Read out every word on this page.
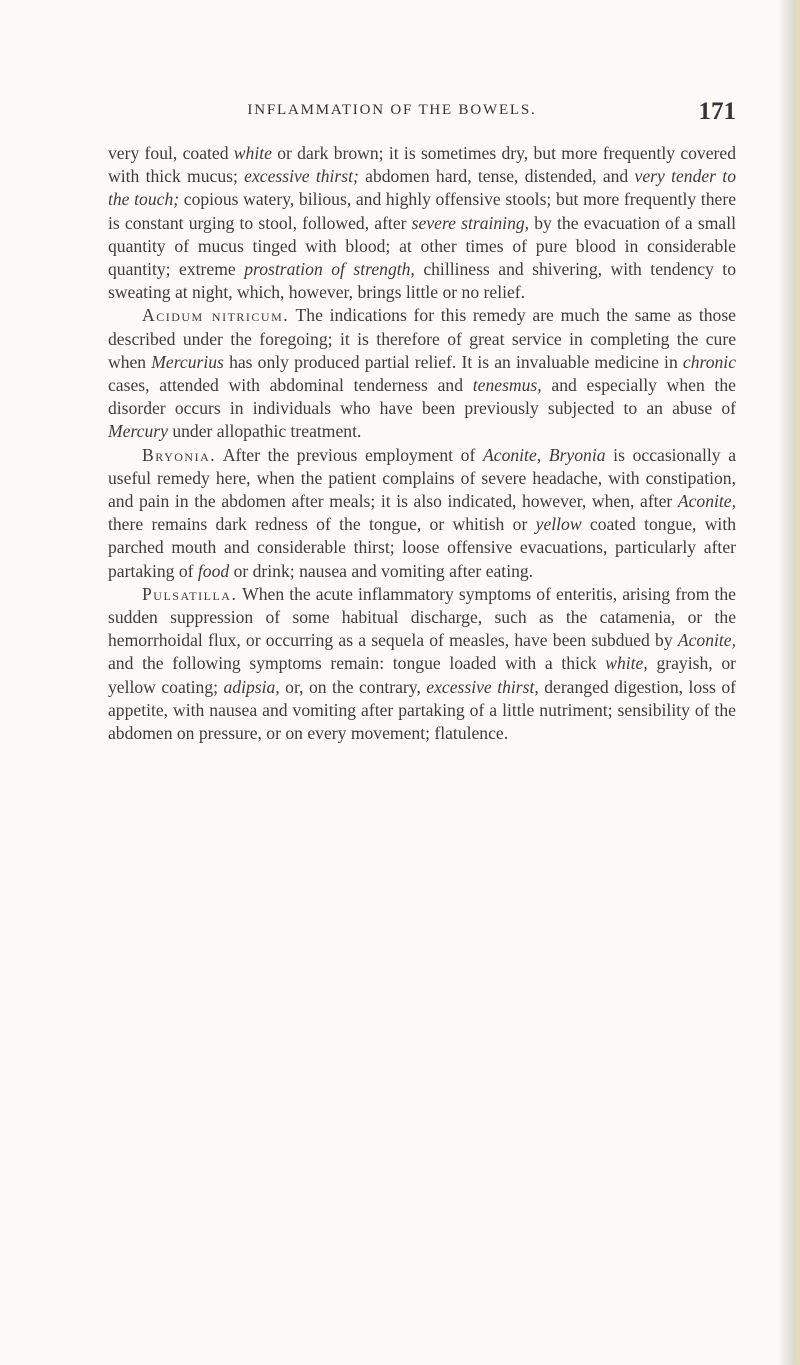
INFLAMMATION OF THE BOWELS.	171

very foul, coated white or dark brown; it is sometimes dry, but more frequently covered with thick mucus; excessive thirst; abdomen hard, tense, distended, and very tender to the touch; copious watery, bilious, and highly offensive stools; but more frequently there is constant urging to stool, followed, after severe straining, by the evacuation of a small quantity of mucus tinged with blood; at other times of pure blood in considerable quantity; extreme prostration of strength, chilliness and shivering, with tendency to sweating at night, which, however, brings little or no relief.

Acidum nitricum. The indications for this remedy are much the same as those described under the foregoing; it is therefore of great service in completing the cure when Mercurius has only produced partial relief. It is an invaluable medicine in chronic cases, attended with abdominal tenderness and tenesmus, and especially when the disorder occurs in individuals who have been previously subjected to an abuse of Mercury under allopathic treatment.

Bryonia. After the previous employment of Aconite, Bryonia is occasionally a useful remedy here, when the patient complains of severe headache, with constipation, and pain in the abdomen after meals; it is also indicated, however, when, after Aconite, there remains dark redness of the tongue, or whitish or yellow coated tongue, with parched mouth and considerable thirst; loose offensive evacuations, particularly after partaking of food or drink; nausea and vomiting after eating.

Pulsatilla. When the acute inflammatory symptoms of enteritis, arising from the sudden suppression of some habitual discharge, such as the catamenia, or the hemorrhoidal flux, or occurring as a sequela of measles, have been subdued by Aconite, and the following symptoms remain: tongue loaded with a thick white, grayish, or yellow coating; adipsia, or, on the contrary, excessive thirst, deranged digestion, loss of appetite, with nausea and vomiting after partaking of a little nutriment; sensibility of the abdomen on pressure, or on every movement; flatulence.
